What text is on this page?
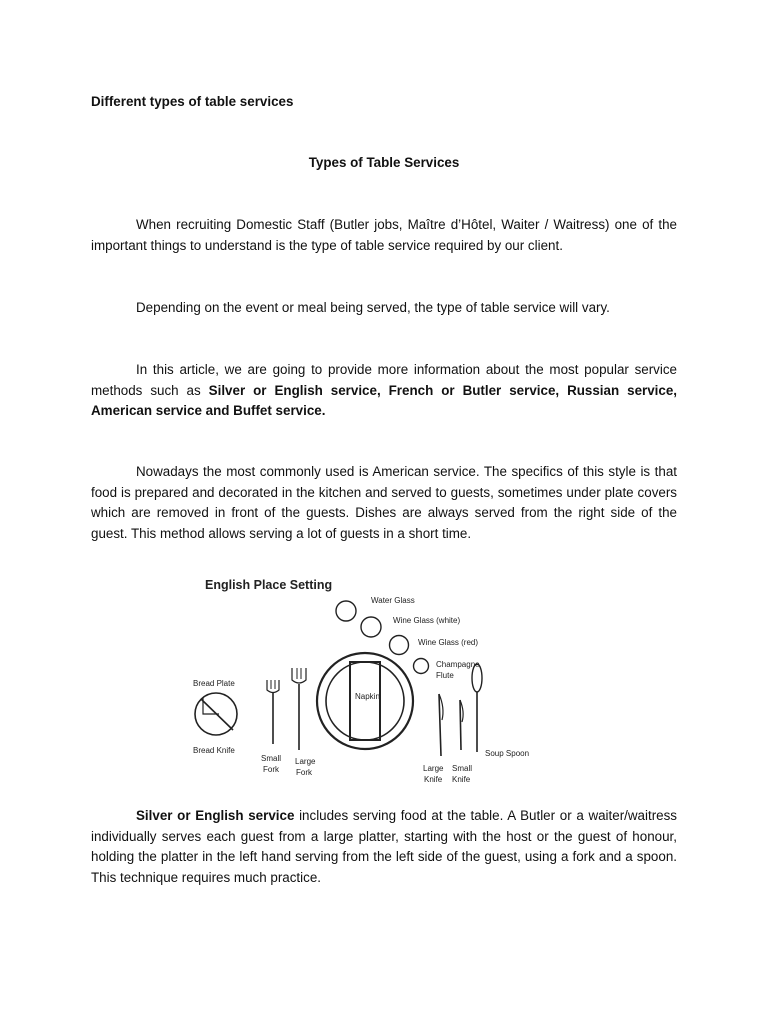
Different types of table services
Types of Table Services

When recruiting Domestic Staff (Butler jobs, Maître d’Hôtel, Waiter / Waitress) one of the important things to understand is the type of table service required by our client.

Depending on the event or meal being served, the type of table service will vary.

In this article, we are going to provide more information about the most popular service methods such as Silver or English service, French or Butler service, Russian service, American service and Buffet service.

Nowadays the most commonly used is American service. The specifics of this style is that food is prepared and decorated in the kitchen and served to guests, sometimes under plate covers which are removed in front of the guests. Dishes are always served from the right side of the guest. This method allows serving a lot of guests in a short time.

Silver or English service includes serving food at the table. A Butler or a waiter/waitress individually serves each guest from a large platter, starting with the host or the guest of honour, holding the platter in the left hand serving from the left side of the guest, using a fork and a spoon. This technique requires much practice.

English Place Setting
Water Glass
Wine Glass (white)
Wine Glass (red)
Champagne
Flute
Bread Plate
Bread Knife
Small
Fork
Large
Fork
Napkin
Large
Knife
Small
Knife
Soup Spoon
